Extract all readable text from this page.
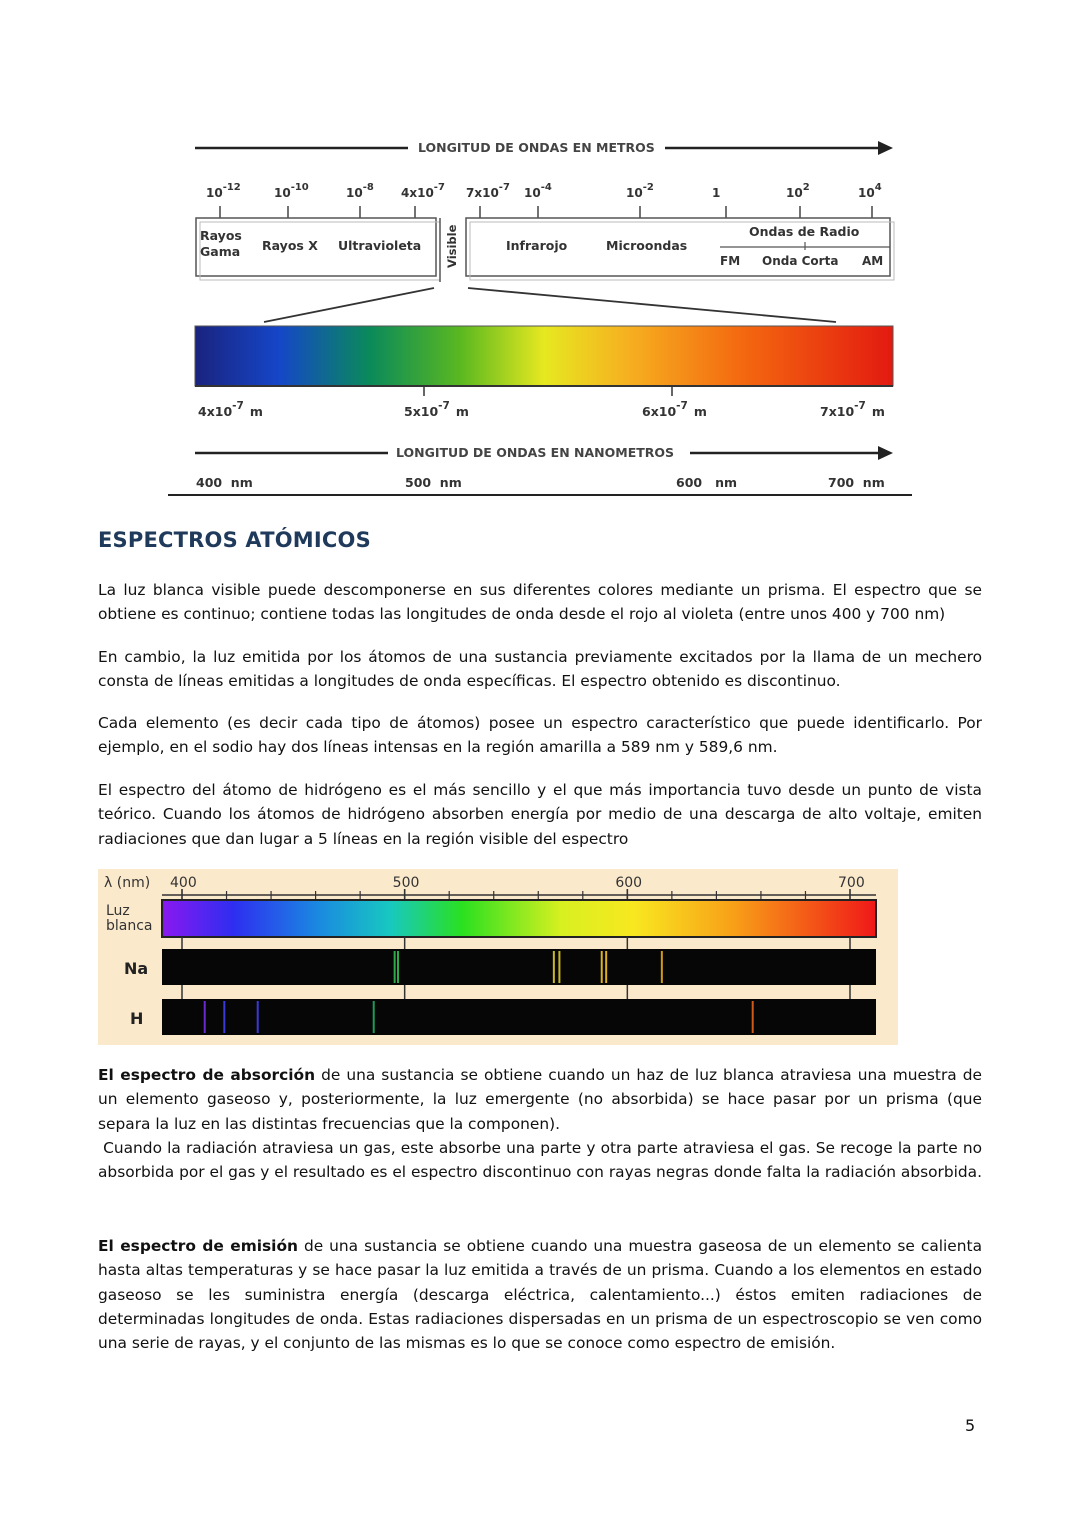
LONGITUD DE ONDAS EN METROS
$10^{-12}$	$10^{-10}$	$10^{-8}$ $4x10^{-7}$ $7x10^{-7}$ $10^{-4}$	$10^{-2}$	1	$10^2$	$10^4$
Rayos
Gama Rayos X Ultravioleta Visible	Infrarojo	Microondas
Ondas de Radio
FM Onda Corta AM
$4x10^{-7}$ m	$5x10^{-7}$ m	$6x10^{-7}$ m	$7x10^{-7}$ m
LONGITUD DE ONDAS EN NANOMETROS
400  nm	500  nm	600   nm	700  nm
ESPECTROS ATÓMICOS

La luz blanca visible puede descomponerse en sus diferentes colores mediante un prisma. El espectro que se obtiene es continuo; contiene todas las longitudes de onda desde el rojo al violeta (entre unos 400 y 700 nm)

En cambio, la luz emitida por los átomos de una sustancia previamente excitados por la llama de un mechero consta de líneas emitidas a longitudes de onda específicas. El espectro obtenido es discontinuo.

Cada elemento (es decir cada tipo de átomos) posee un espectro característico que puede identificarlo. Por ejemplo, en el sodio hay dos líneas intensas en la región amarilla a 589 nm y 589,6 nm.

El espectro del átomo de hidrógeno es el más sencillo y el que más importancia tuvo desde un punto de vista teórico. Cuando los átomos de hidrógeno absorben energía por medio de una descarga de alto voltaje, emiten radiaciones que dan lugar a 5 líneas en la región visible del espectro

λ (nm) 400	500	600	700
Luz
blanca
Na
H

El espectro de absorción de una sustancia se obtiene cuando un haz de luz blanca atraviesa una muestra de un elemento gaseoso y, posteriormente, la luz emergente (no absorbida) se hace pasar por un prisma (que separa la luz en las distintas frecuencias que la componen).
Cuando la radiación atraviesa un gas, este absorbe una parte y otra parte atraviesa el gas. Se recoge la parte no absorbida por el gas y el resultado es el espectro discontinuo con rayas negras donde falta la radiación absorbida.

El espectro de emisión de una sustancia se obtiene cuando una muestra gaseosa de un elemento se calienta hasta altas temperaturas y se hace pasar la luz emitida a través de un prisma. Cuando a los elementos en estado gaseoso se les suministra energía (descarga eléctrica, calentamiento...) éstos emiten radiaciones de determinadas longitudes de onda. Estas radiaciones dispersadas en un prisma de un espectroscopio se ven como una serie de rayas, y el conjunto de las mismas es lo que se conoce como espectro de emisión.

5
